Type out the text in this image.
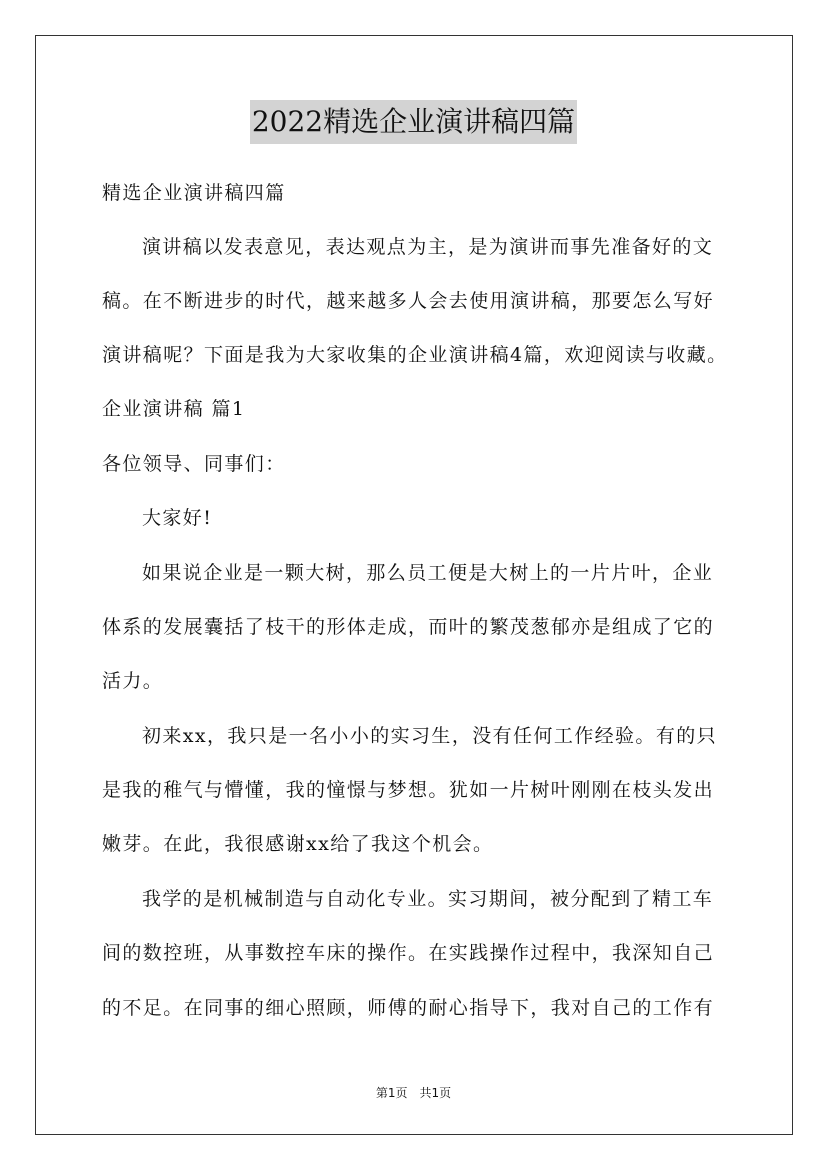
2022精选企业演讲稿四篇
精选企业演讲稿四篇
演讲稿以发表意见，表达观点为主，是为演讲而事先准备好的文
稿。在不断进步的时代，越来越多人会去使用演讲稿，那要怎么写好
演讲稿呢？下面是我为大家收集的企业演讲稿4篇，欢迎阅读与收藏。
企业演讲稿 篇1
各位领导、同事们：
大家好!
如果说企业是一颗大树，那么员工便是大树上的一片片叶，企业
体系的发展囊括了枝干的形体走成，而叶的繁茂葱郁亦是组成了它的
活力。
初来xx，我只是一名小小的实习生，没有任何工作经验。有的只
是我的稚气与懵懂，我的憧憬与梦想。犹如一片树叶刚刚在枝头发出
嫩芽。在此，我很感谢xx给了我这个机会。
我学的是机械制造与自动化专业。实习期间，被分配到了精工车
间的数控班，从事数控车床的操作。在实践操作过程中，我深知自己
的不足。在同事的细心照顾，师傅的耐心指导下，我对自己的工作有
第1页　共1页
